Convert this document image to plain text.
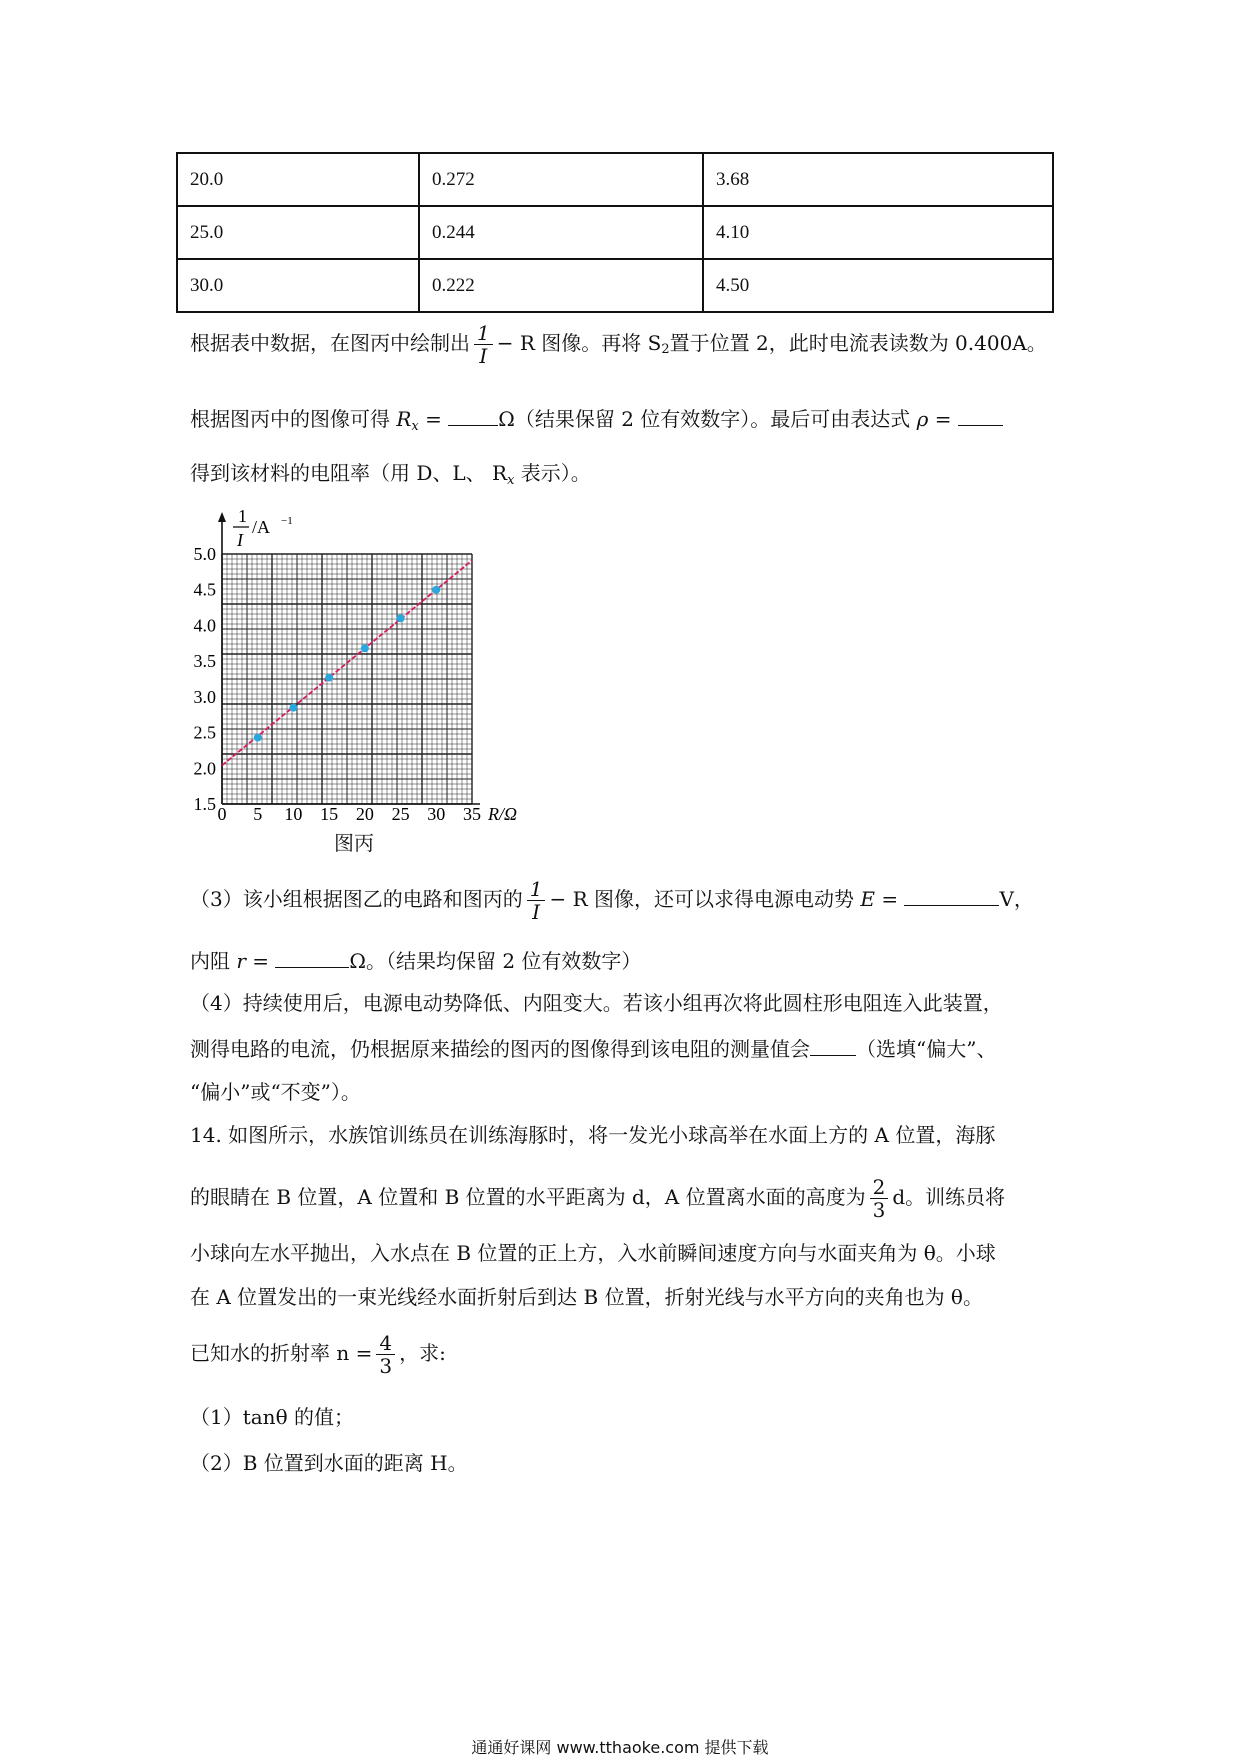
20.0	0.272	3.68
25.0	0.244	4.10
30.0	0.222	4.50
根据表中数据，在图丙中绘制出 $\frac{1}{I} - R$ 图像。再将 S2置于位置 2，此时电流表读数为 0.400A。
根据图丙中的图像可得 $R_x$ =	Ω（结果保留 2 位有效数字）。最后可由表达式 ρ =
得到该材料的电阻率（用 D、L、 $R_x$ 表示）。
0 5 10 15 20 25 30 35
1.5
2.0
2.5
3.0
3.5
4.0
4.5
5.0
1
I
/A −1
R/Ω
图丙
（3）该小组根据图乙的电路和图丙的 $\frac{1}{I} - R$ 图像，还可以求得电源电动势 E =	V，
内阻 r =	Ω。（结果均保留 2 位有效数字）
（4）持续使用后，电源电动势降低、内阻变大。若该小组再次将此圆柱形电阻连入此装置，
测得电路的电流，仍根据原来描绘的图丙的图像得到该电阻的测量值会 （选填“偏大”、
“偏小”或“不变”）。
14. 如图所示，水族馆训练员在训练海豚时，将一发光小球高举在水面上方的 A 位置，海豚
的眼睛在 B 位置，A 位置和 B 位置的水平距离为 d，A 位置离水面的高度为 $\frac{2}{3}$ d。训练员将
小球向左水平抛出，入水点在 B 位置的正上方，入水前瞬间速度方向与水面夹角为 θ。小球
在 A 位置发出的一束光线经水面折射后到达 B 位置，折射光线与水平方向的夹角也为 θ。
已知水的折射率 $n = \frac{4}{3}$ ，求:
（1）tanθ 的值；
（2）B 位置到水面的距离 H。
通通好课网 www.tthaoke.com 提供下载
